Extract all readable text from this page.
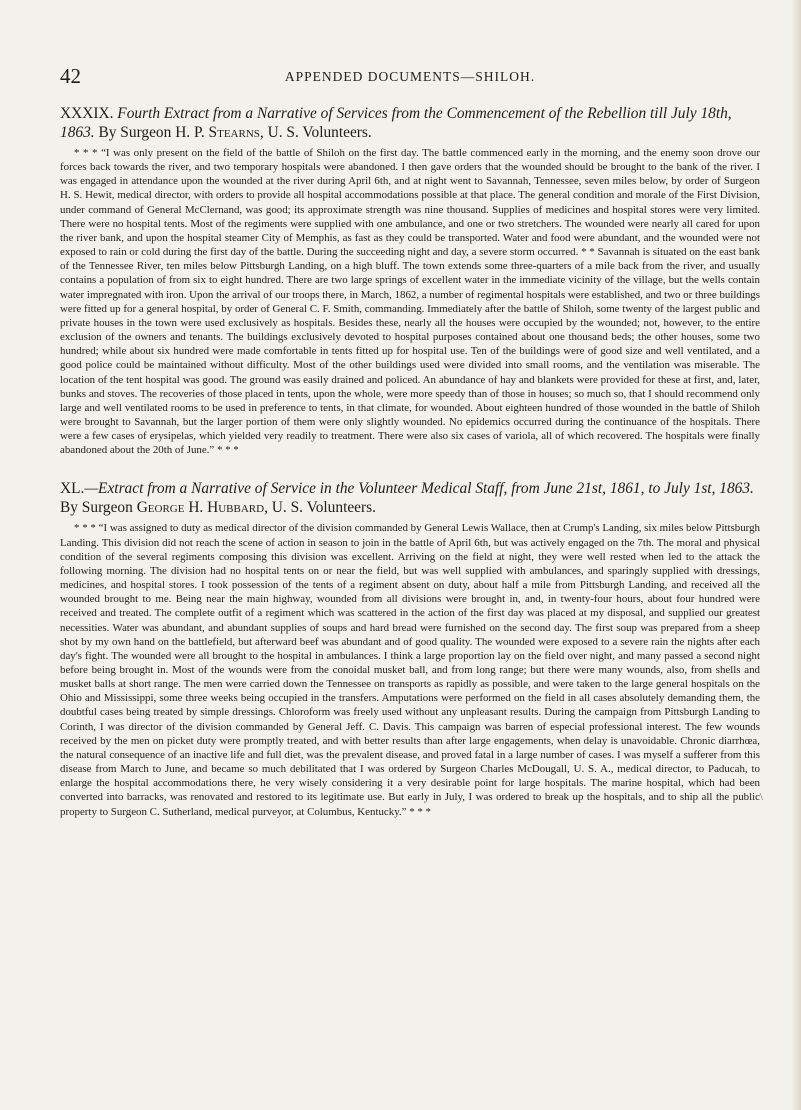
42	APPENDED DOCUMENTS—SHILOH.
XXXIX. Fourth Extract from a Narrative of Services from the Commencement of the Rebellion till July 18th, 1863. By Surgeon H. P. Stearns, U. S. Volunteers.

* * * “I was only present on the field of the battle of Shiloh on the first day. The battle commenced early in the morning, and the enemy soon drove our forces back towards the river, and two temporary hospitals were abandoned. I then gave orders that the wounded should be brought to the bank of the river. I was engaged in attendance upon the wounded at the river during April 6th, and at night went to Savannah, Tennessee, seven miles below, by order of Surgeon H. S. Hewit, medical director, with orders to provide all hospital accommodations possible at that place. The general condition and morale of the First Division, under command of General McClernand, was good; its approximate strength was nine thousand. Supplies of medicines and hospital stores were very limited. There were no hospital tents. Most of the regiments were supplied with one ambulance, and one or two stretchers. The wounded were nearly all cared for upon the river bank, and upon the hospital steamer City of Memphis, as fast as they could be transported. Water and food were abundant, and the wounded were not exposed to rain or cold during the first day of the battle. During the succeeding night and day, a severe storm occurred. * * Savannah is situated on the east bank of the Tennessee River, ten miles below Pittsburgh Landing, on a high bluff. The town extends some three-quarters of a mile back from the river, and usually contains a population of from six to eight hundred. There are two large springs of excellent water in the immediate vicinity of the village, but the wells contain water impregnated with iron. Upon the arrival of our troops there, in March, 1862, a number of regimental hospitals were established, and two or three buildings were fitted up for a general hospital, by order of General C. F. Smith, commanding. Immediately after the battle of Shiloh, some twenty of the largest public and private houses in the town were used exclusively as hospitals. Besides these, nearly all the houses were occupied by the wounded; not, however, to the entire exclusion of the owners and tenants. The buildings exclusively devoted to hospital purposes contained about one thousand beds; the other houses, some two hundred; while about six hundred were made comfortable in tents fitted up for hospital use. Ten of the buildings were of good size and well ventilated, and a good police could be maintained without difficulty. Most of the other buildings used were divided into small rooms, and the ventilation was miserable. The location of the tent hospital was good. The ground was easily drained and policed. An abundance of hay and blankets were provided for these at first, and, later, bunks and stoves. The recoveries of those placed in tents, upon the whole, were more speedy than of those in houses; so much so, that I should recommend only large and well ventilated rooms to be used in preference to tents, in that climate, for wounded. About eighteen hundred of those wounded in the battle of Shiloh were brought to Savannah, but the larger portion of them were only slightly wounded. No epidemics occurred during the continuance of the hospitals. There were a few cases of erysipelas, which yielded very readily to treatment. There were also six cases of variola, all of which recovered. The hospitals were finally abandoned about the 20th of June.” * * *

XL.—Extract from a Narrative of Service in the Volunteer Medical Staff, from June 21st, 1861, to July 1st, 1863. By Surgeon George H. Hubbard, U. S. Volunteers.

* * * “I was assigned to duty as medical director of the division commanded by General Lewis Wallace, then at Crump's Landing, six miles below Pittsburgh Landing. This division did not reach the scene of action in season to join in the battle of April 6th, but was actively engaged on the 7th. The moral and physical condition of the several regiments composing this division was excellent. Arriving on the field at night, they were well rested when led to the attack the following morning. The division had no hospital tents on or near the field, but was well supplied with ambulances, and sparingly supplied with dressings, medicines, and hospital stores. I took possession of the tents of a regiment absent on duty, about half a mile from Pittsburgh Landing, and received all the wounded brought to me. Being near the main highway, wounded from all divisions were brought in, and, in twenty-four hours, about four hundred were received and treated. The complete outfit of a regiment which was scattered in the action of the first day was placed at my disposal, and supplied our greatest necessities. Water was abundant, and abundant supplies of soups and hard bread were furnished on the second day. The first soup was prepared from a sheep shot by my own hand on the battlefield, but afterward beef was abundant and of good quality. The wounded were exposed to a severe rain the nights after each day's fight. The wounded were all brought to the hospital in ambulances. I think a large proportion lay on the field over night, and many passed a second night before being brought in. Most of the wounds were from the conoidal musket ball, and from long range; but there were many wounds, also, from shells and musket balls at short range. The men were carried down the Tennessee on transports as rapidly as possible, and were taken to the large general hospitals on the Ohio and Mississippi, some three weeks being occupied in the transfers. Amputations were performed on the field in all cases absolutely demanding them, the doubtful cases being treated by simple dressings. Chloroform was freely used without any unpleasant results. During the campaign from Pittsburgh Landing to Corinth, I was director of the division commanded by General Jeff. C. Davis. This campaign was barren of especial professional interest. The few wounds received by the men on picket duty were promptly treated, and with better results than after large engagements, when delay is unavoidable. Chronic diarrhœa, the natural consequence of an inactive life and full diet, was the prevalent disease, and proved fatal in a large number of cases. I was myself a sufferer from this disease from March to June, and became so much debilitated that I was ordered by Surgeon Charles McDougall, U. S. A., medical director, to Paducah, to enlarge the hospital accommodations there, he very wisely considering it a very desirable point for large hospitals. The marine hospital, which had been converted into barracks, was renovated and restored to its legitimate use. But early in July, I was ordered to break up the hospitals, and to ship all the public property to Surgeon C. Sutherland, medical purveyor, at Columbus, Kentucky.” * * *

\
